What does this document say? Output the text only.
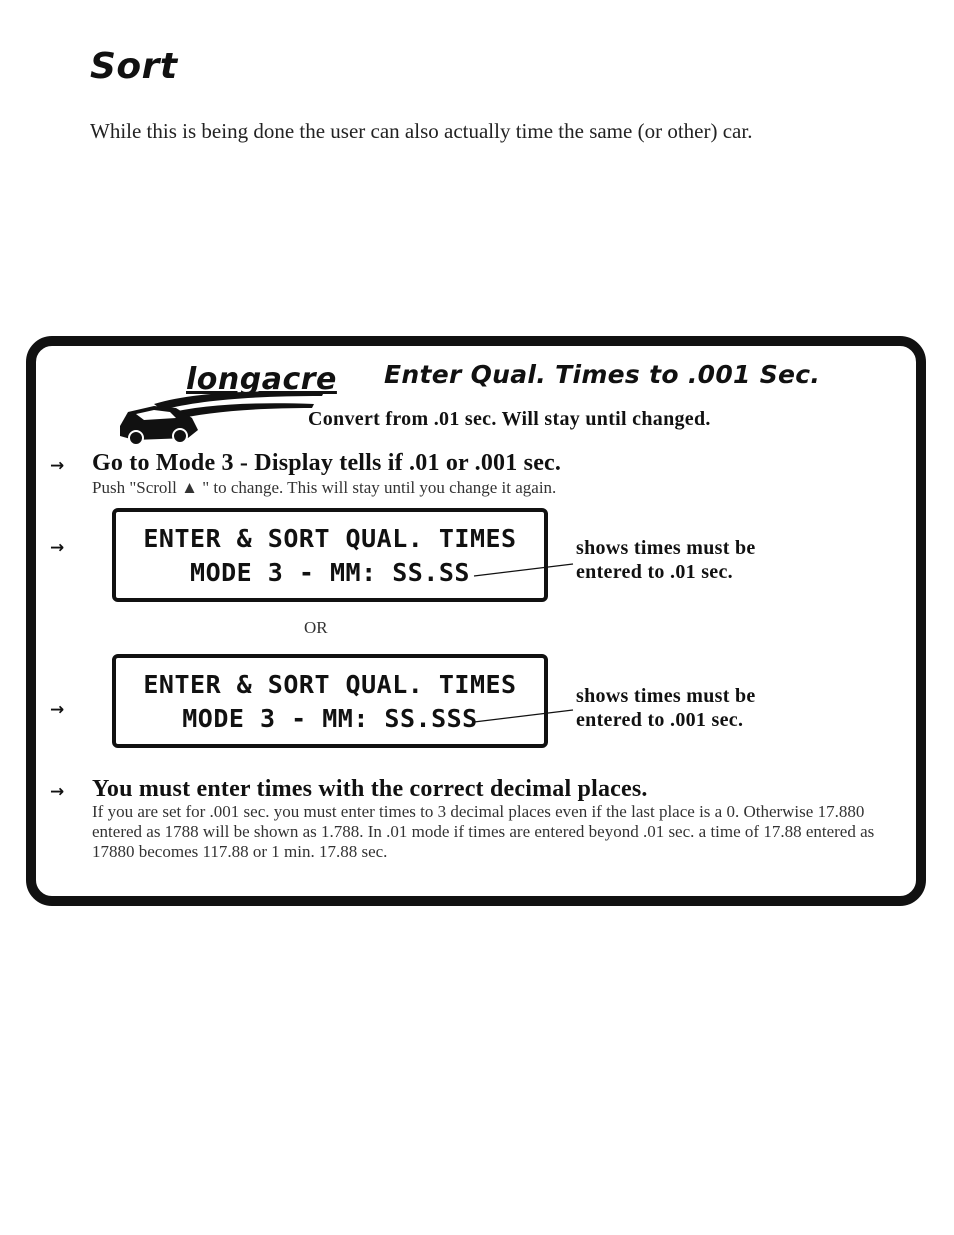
Sort
While this is being done the user can also actually time the same (or other) car.
longacre Enter Qual. Times to .001 Sec.
Convert from .01 sec. Will stay until changed.
→ Go to Mode 3 - Display tells if .01 or .001 sec.
Push "Scroll ▲ " to change. This will stay until you change it again.
→	ENTER & SORT QUAL. TIMES
MODE 3 - MM: SS.SS
shows times must be
entered to .01 sec.
OR
→
ENTER & SORT QUAL. TIMES
MODE 3 - MM: SS.SSS
shows times must be
entered to .001 sec.
→ You must enter times with the correct decimal places.
If you are set for .001 sec. you must enter times to 3 decimal places even if the last place is a 0. Otherwise 17.880 entered as 1788 will be shown as 1.788. In .01 mode if times are entered beyond .01 sec. a time of 17.88 entered as 17880 becomes 117.88 or 1 min. 17.88 sec.
